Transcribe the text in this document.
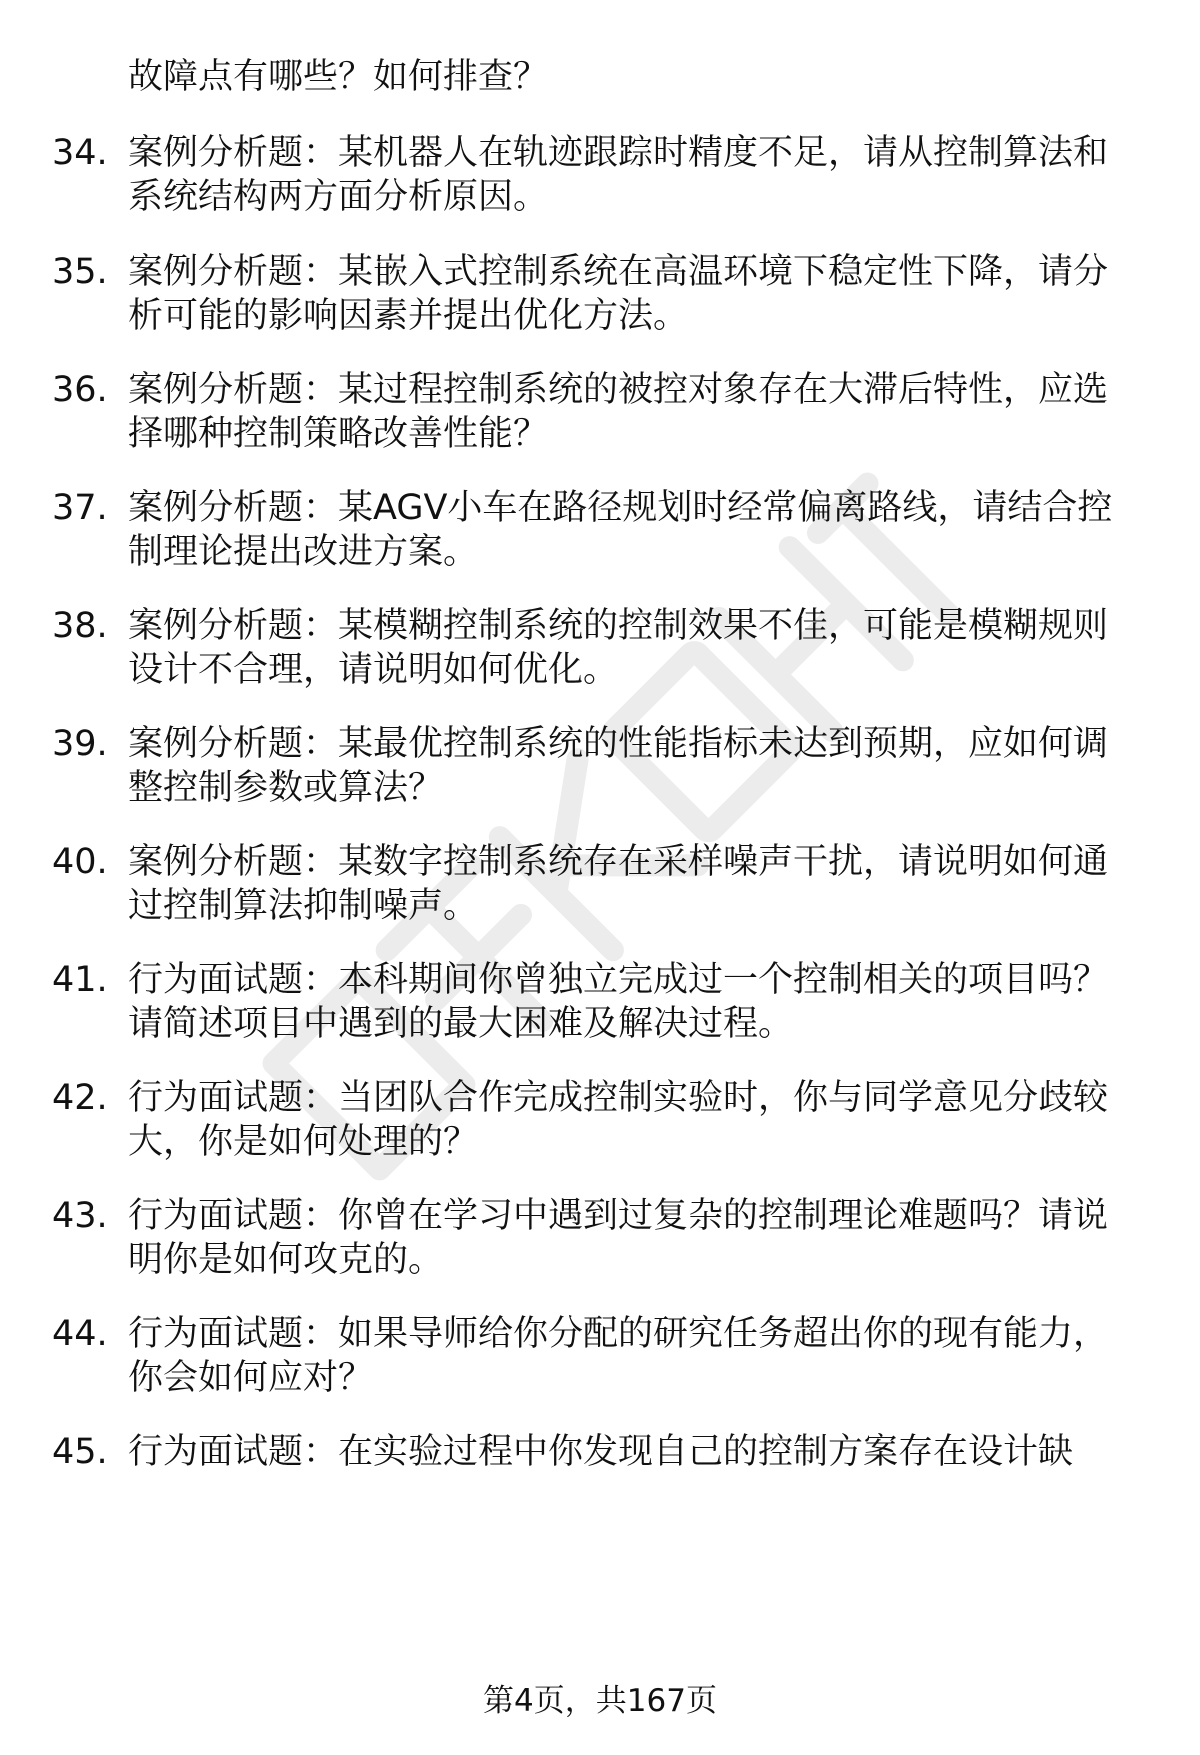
故障点有哪些？如何排查？
34. 案例分析题：某机器人在轨迹跟踪时精度不足，请从控制算法和
系统结构两方面分析原因。
35. 案例分析题：某嵌入式控制系统在高温环境下稳定性下降，请分
析可能的影响因素并提出优化方法。
36. 案例分析题：某过程控制系统的被控对象存在大滞后特性，应选
择哪种控制策略改善性能？
37. 案例分析题：某AGV小车在路径规划时经常偏离路线，请结合控
制理论提出改进方案。
38. 案例分析题：某模糊控制系统的控制效果不佳，可能是模糊规则
设计不合理，请说明如何优化。
39. 案例分析题：某最优控制系统的性能指标未达到预期，应如何调
整控制参数或算法？
40. 案例分析题：某数字控制系统存在采样噪声干扰，请说明如何通
过控制算法抑制噪声。
41. 行为面试题：本科期间你曾独立完成过一个控制相关的项目吗？
请简述项目中遇到的最大困难及解决过程。
42. 行为面试题：当团队合作完成控制实验时，你与同学意见分歧较
大，你是如何处理的？
43. 行为面试题：你曾在学习中遇到过复杂的控制理论难题吗？请说
明你是如何攻克的。
44. 行为面试题：如果导师给你分配的研究任务超出你的现有能力，
你会如何应对？
45. 行为面试题：在实验过程中你发现自己的控制方案存在设计缺
第4页，共167页
